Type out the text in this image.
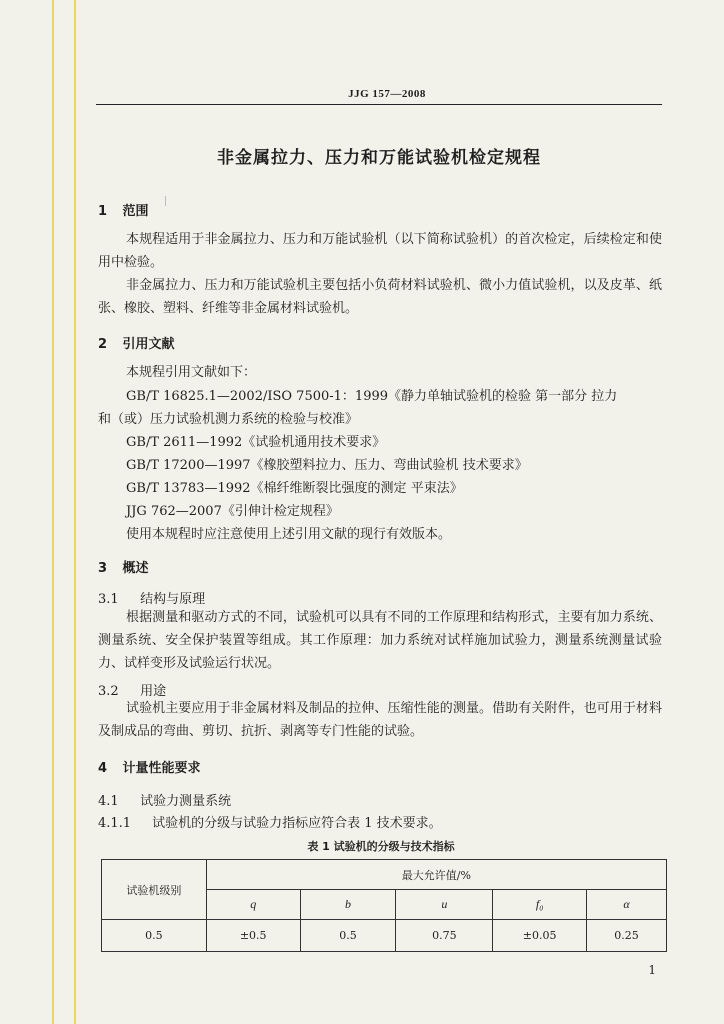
JJG 157—2008
非金属拉力、压力和万能试验机检定规程
1 范围
本规程适用于非金属拉力、压力和万能试验机（以下简称试验机）的首次检定，后续检定和使用中检验。
非金属拉力、压力和万能试验机主要包括小负荷材料试验机、微小力值试验机，以及皮革、纸张、橡胶、塑料、纤维等非金属材料试验机。
2 引用文献
本规程引用文献如下：
GB/T 16825.1—2002/ISO 7500-1：1999《静力单轴试验机的检验 第一部分 拉力
和（或）压力试验机测力系统的检验与校准》
GB/T 2611—1992《试验机通用技术要求》
GB/T 17200—1997《橡胶塑料拉力、压力、弯曲试验机 技术要求》
GB/T 13783—1992《棉纤维断裂比强度的测定 平束法》
JJG 762—2007《引伸计检定规程》
使用本规程时应注意使用上述引用文献的现行有效版本。
3 概述
3.1 结构与原理
根据测量和驱动方式的不同，试验机可以具有不同的工作原理和结构形式，主要有加力系统、测量系统、安全保护装置等组成。其工作原理：加力系统对试样施加试验力，测量系统测量试验力、试样变形及试验运行状况。
3.2 用途
试验机主要应用于非金属材料及制品的拉伸、压缩性能的测量。借助有关附件，也可用于材料及制成品的弯曲、剪切、抗折、剥离等专门性能的试验。
4 计量性能要求
4.1 试验力测量系统
4.1.1 试验机的分级与试验力指标应符合表 1 技术要求。
表 1 试验机的分级与技术指标
试验机级别	最大允许值/%				
	q	b	u	f₀	α
0.5	±0.5	0.5	0.75	±0.05	0.25
1
